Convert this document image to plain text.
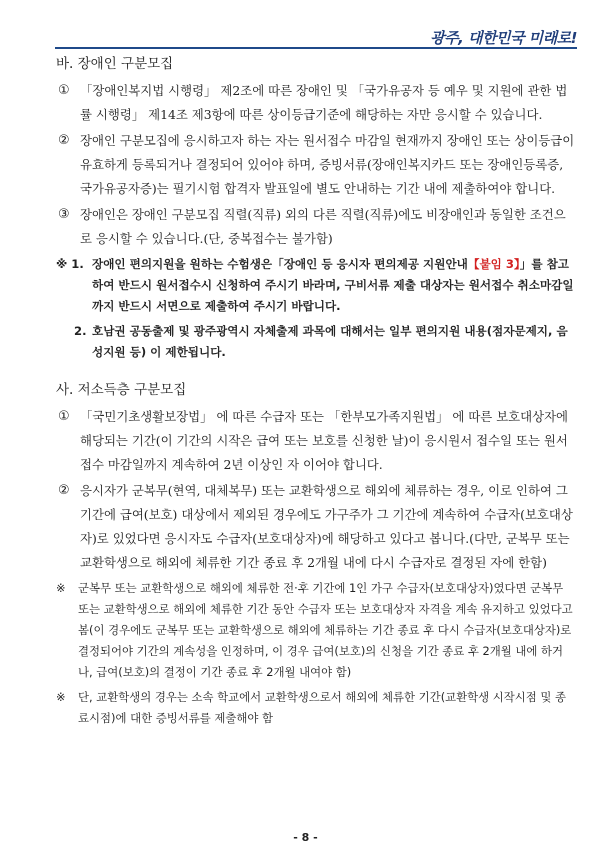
광주, 대한민국 미래로!

바. 장애인 구분모집

① 「장애인복지법 시행령」 제2조에 따른 장애인 및 「국가유공자 등 예우 및 지원에 관한 법률 시행령」 제14조 제3항에 따른 상이등급기준에 해당하는 자만 응시할 수 있습니다.

② 장애인 구분모집에 응시하고자 하는 자는 원서접수 마감일 현재까지 장애인 또는 상이등급이 유효하게 등록되거나 결정되어 있어야 하며, 증빙서류(장애인복지카드 또는 장애인등록증, 국가유공자증)는 필기시험 합격자 발표일에 별도 안내하는 기간 내에 제출하여야 합니다.

③ 장애인은 장애인 구분모집 직렬(직류) 외의 다른 직렬(직류)에도 비장애인과 동일한 조건으로 응시할 수 있습니다.(단, 중복접수는 불가함)

※ 1. 장애인 편의지원을 원하는 수험생은「장애인 등 응시자 편의제공 지원안내【붙임 3】」를 참고하여 반드시 원서접수시 신청하여 주시기 바라며, 구비서류 제출 대상자는 원서접수 취소마감일까지 반드시 서면으로 제출하여 주시기 바랍니다.

2. 호남권 공동출제 및 광주광역시 자체출제 과목에 대해서는 일부 편의지원 내용(점자문제지, 음성지원 등) 이 제한됩니다.

사. 저소득층 구분모집

① 「국민기초생활보장법」 에 따른 수급자 또는 「한부모가족지원법」 에 따른 보호대상자에 해당되는 기간(이 기간의 시작은 급여 또는 보호를 신청한 날)이 응시원서 접수일 또는 원서접수 마감일까지 계속하여 2년 이상인 자 이어야 합니다.

② 응시자가 군복무(현역, 대체복무) 또는 교환학생으로 해외에 체류하는 경우, 이로 인하여 그 기간에 급여(보호) 대상에서 제외된 경우에도 가구주가 그 기간에 계속하여 수급자(보호대상자)로 있었다면 응시자도 수급자(보호대상자)에 해당하고 있다고 봅니다.(다만, 군복무 또는 교환학생으로 해외에 체류한 기간 종료 후 2개월 내에 다시 수급자로 결정된 자에 한함)

※ 군복무 또는 교환학생으로 해외에 체류한 전·후 기간에 1인 가구 수급자(보호대상자)였다면 군복무 또는 교환학생으로 해외에 체류한 기간 동안 수급자 또는 보호대상자 자격을 계속 유지하고 있었다고 봄(이 경우에도 군복무 또는 교환학생으로 해외에 체류하는 기간 종료 후 다시 수급자(보호대상자)로 결정되어야 기간의 계속성을 인정하며, 이 경우 급여(보호)의 신청을 기간 종료 후 2개월 내에 하거나, 급여(보호)의 결정이 기간 종료 후 2개월 내여야 함)

※ 단, 교환학생의 경우는 소속 학교에서 교환학생으로서 해외에 체류한 기간(교환학생 시작시점 및 종료시점)에 대한 증빙서류를 제출해야 함

- 8 -
